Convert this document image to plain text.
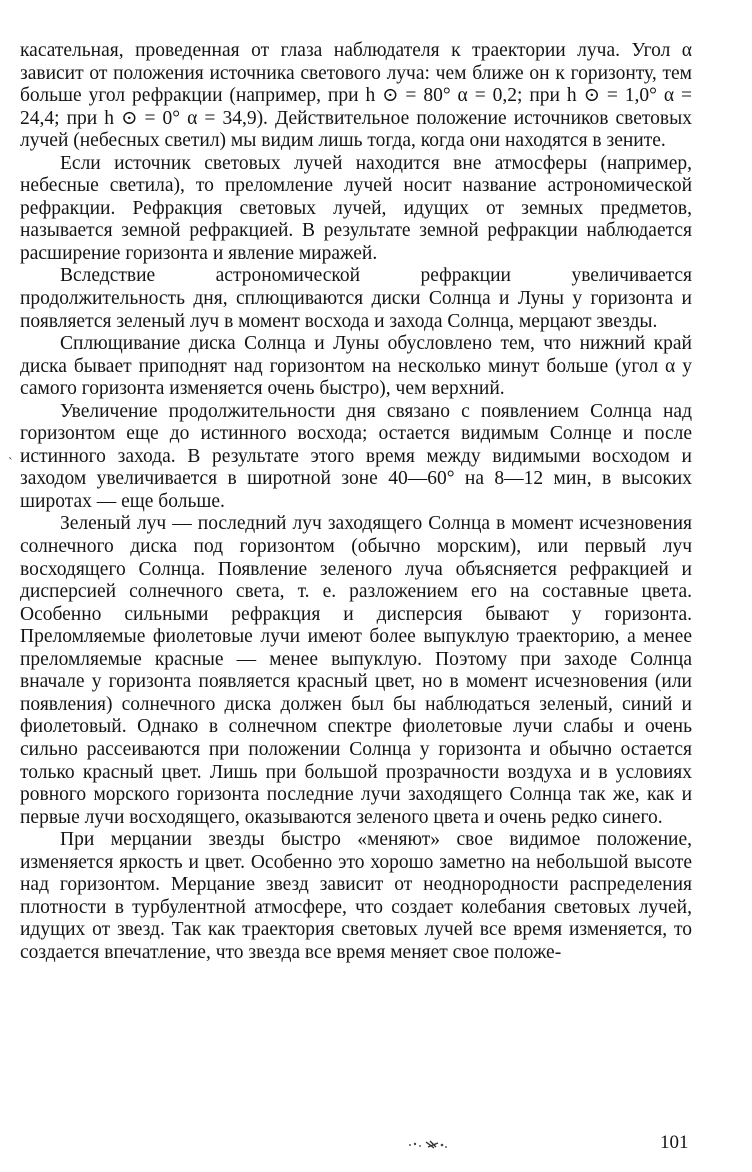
касательная, проведенная от глаза наблюдателя к траектории луча. Угол α зависит от положения источника светового луча: чем ближе он к горизонту, тем больше угол рефракции (например, при h ⊙ = 80° α = 0,2; при h ⊙ = 1,0° α = 24,4; при h ⊙ = 0° α = 34,9). Действительное положение источников световых лучей (небесных светил) мы видим лишь тогда, когда они находятся в зените.

Если источник световых лучей находится вне атмосферы (например, небесные светила), то преломление лучей носит название астрономической рефракции. Рефракция световых лучей, идущих от земных предметов, называется земной рефракцией. В результате земной рефракции наблюдается расширение горизонта и явление миражей.

Вследствие астрономической рефракции увеличивается продолжительность дня, сплющиваются диски Солнца и Луны у горизонта и появляется зеленый луч в момент восхода и захода Солнца, мерцают звезды.

Сплющивание диска Солнца и Луны обусловлено тем, что нижний край диска бывает приподнят над горизонтом на несколько минут больше (угол α у самого горизонта изменяется очень быстро), чем верхний.

Увеличение продолжительности дня связано с появлением Солнца над горизонтом еще до истинного восхода; остается видимым Солнце и после истинного захода. В результате этого время между видимыми восходом и заходом увеличивается в широтной зоне 40—60° на 8—12 мин, в высоких широтах — еще больше.

Зеленый луч — последний луч заходящего Солнца в момент исчезновения солнечного диска под горизонтом (обычно морским), или первый луч восходящего Солнца. Появление зеленого луча объясняется рефракцией и дисперсией солнечного света, т. е. разложением его на составные цвета. Особенно сильными рефракция и дисперсия бывают у горизонта. Преломляемые фиолетовые лучи имеют более выпуклую траекторию, а менее преломляемые красные — менее выпуклую. Поэтому при заходе Солнца вначале у горизонта появляется красный цвет, но в момент исчезновения (или появления) солнечного диска должен был бы наблюдаться зеленый, синий и фиолетовый. Однако в солнечном спектре фиолетовые лучи слабы и очень сильно рассеиваются при положении Солнца у горизонта и обычно остается только красный цвет. Лишь при большой прозрачности воздуха и в условиях ровного морского горизонта последние лучи заходящего Солнца так же, как и первые лучи восходящего, оказываются зеленого цвета и очень редко синего.

При мерцании звезды быстро «меняют» свое видимое положение, изменяется яркость и цвет. Особенно это хорошо заметно на небольшой высоте над горизонтом. Мерцание звезд зависит от неоднородности распределения плотности в турбулентной атмосфере, что создает колебания световых лучей, идущих от звезд. Так как траектория световых лучей все время изменяется, то создается впечатление, что звезда все время меняет свое положе-

`
101
